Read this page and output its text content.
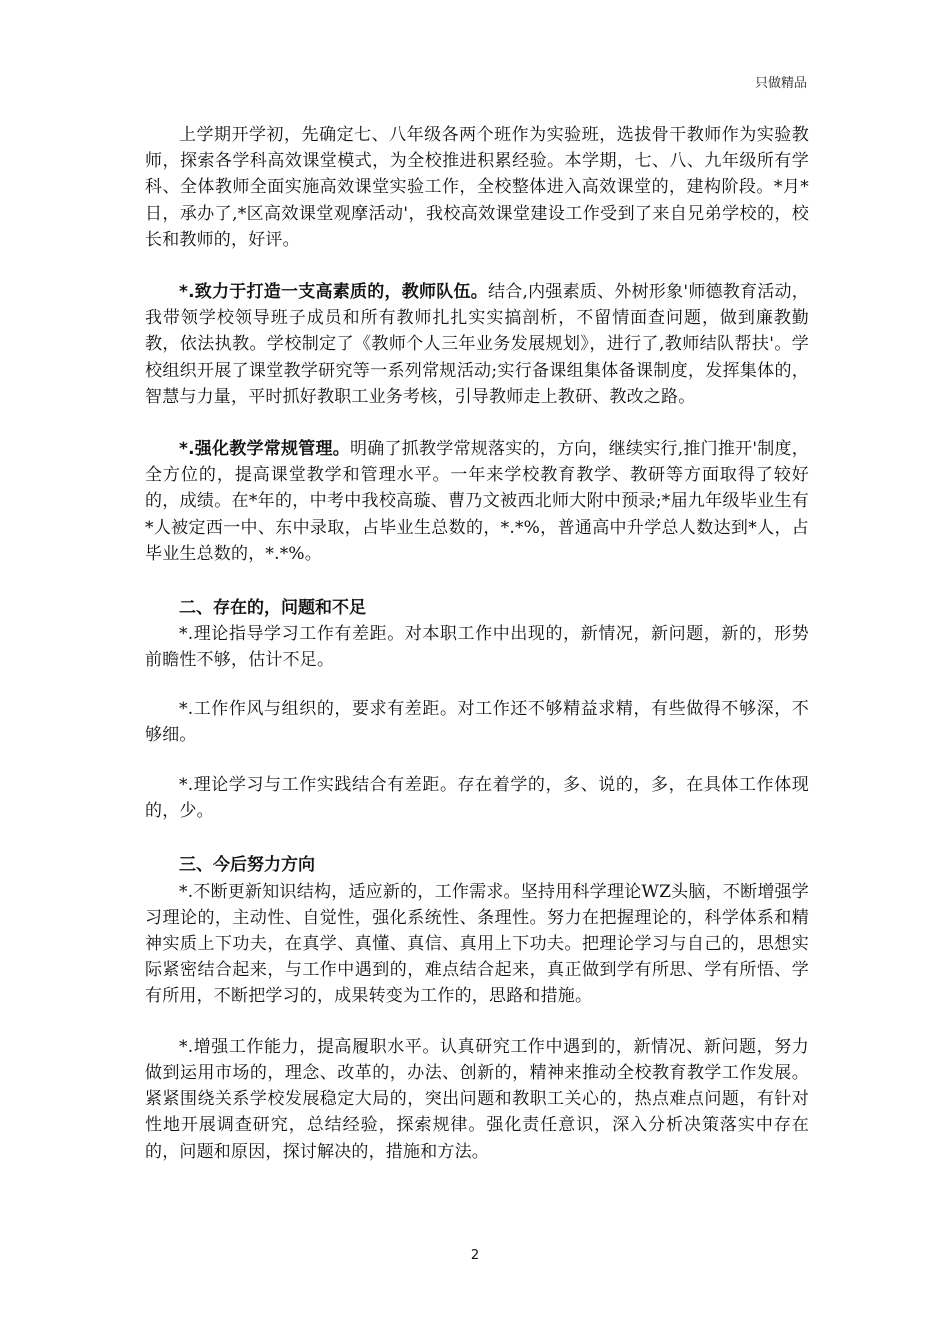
只做精品

上学期开学初，先确定七、八年级各两个班作为实验班，选拔骨干教师作为实验教师，探索各学科高效课堂模式，为全校推进积累经验。本学期，七、八、九年级所有学科、全体教师全面实施高效课堂实验工作，全校整体进入高效课堂的，建构阶段。*月*日，承办了,*区高效课堂观摩活动'，我校高效课堂建设工作受到了来自兄弟学校的，校长和教师的，好评。

*.致力于打造一支高素质的，教师队伍。结合,内强素质、外树形象'师德教育活动，我带领学校领导班子成员和所有教师扎扎实实搞剖析，不留情面查问题，做到廉教勤教，依法执教。学校制定了《教师个人三年业务发展规划》，进行了,教师结队帮扶'。学校组织开展了课堂教学研究等一系列常规活动;实行备课组集体备课制度，发挥集体的，智慧与力量，平时抓好教职工业务考核，引导教师走上教研、教改之路。

*.强化教学常规管理。明确了抓教学常规落实的，方向，继续实行,推门推开'制度，全方位的，提高课堂教学和管理水平。一年来学校教育教学、教研等方面取得了较好的，成绩。在*年的，中考中我校高璇、曹乃文被西北师大附中预录;*届九年级毕业生有*人被定西一中、东中录取，占毕业生总数的，*.*%，普通高中升学总人数达到*人，占毕业生总数的，*.*%。

二、存在的，问题和不足

*.理论指导学习工作有差距。对本职工作中出现的，新情况，新问题，新的，形势前瞻性不够，估计不足。

*.工作作风与组织的，要求有差距。对工作还不够精益求精，有些做得不够深，不够细。

*.理论学习与工作实践结合有差距。存在着学的，多、说的，多，在具体工作体现的，少。

三、今后努力方向

*.不断更新知识结构，适应新的，工作需求。坚持用科学理论WZ头脑，不断增强学习理论的，主动性、自觉性，强化系统性、条理性。努力在把握理论的，科学体系和精神实质上下功夫，在真学、真懂、真信、真用上下功夫。把理论学习与自己的，思想实际紧密结合起来，与工作中遇到的，难点结合起来，真正做到学有所思、学有所悟、学有所用，不断把学习的，成果转变为工作的，思路和措施。

*.增强工作能力，提高履职水平。认真研究工作中遇到的，新情况、新问题，努力做到运用市场的，理念、改革的，办法、创新的，精神来推动全校教育教学工作发展。紧紧围绕关系学校发展稳定大局的，突出问题和教职工关心的，热点难点问题，有针对性地开展调查研究，总结经验，探索规律。强化责任意识，深入分析决策落实中存在的，问题和原因，探讨解决的，措施和方法。

2
